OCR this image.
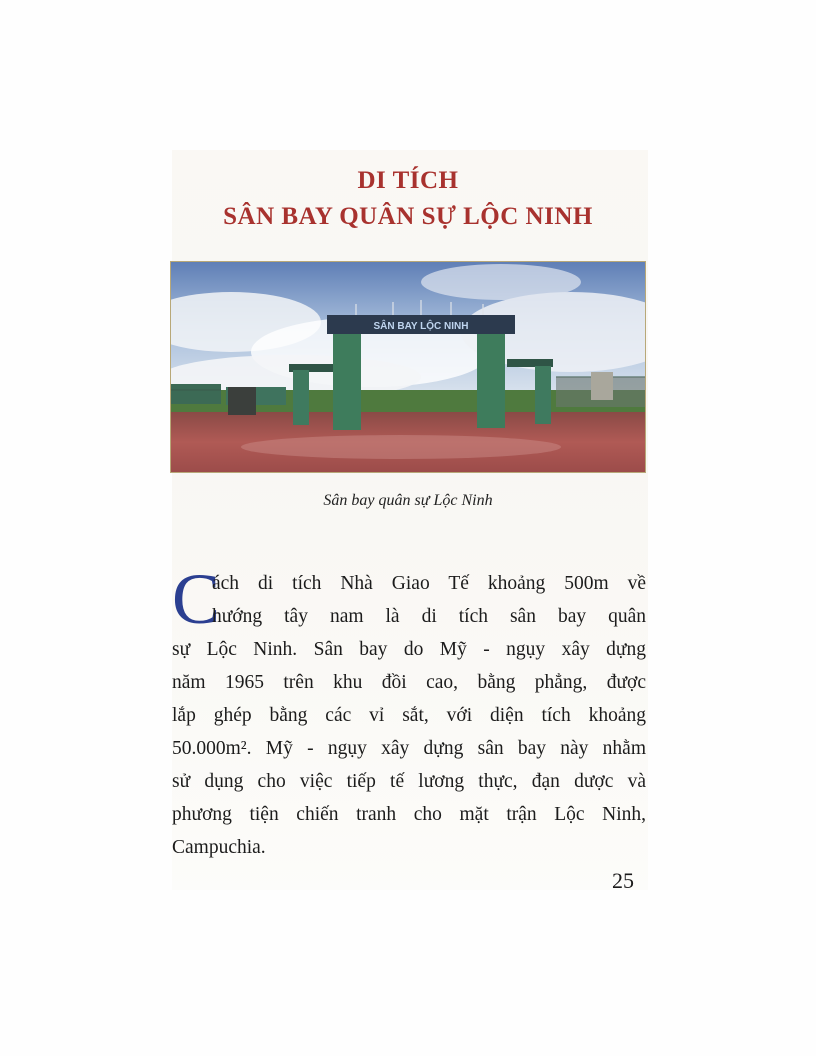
DI TÍCH
SÂN BAY QUÂN SỰ LỘC NINH
SÂN BAY LỘC NINH
Sân bay quân sự Lộc Ninh
C
ách di tích Nhà Giao Tế khoảng 500m về
hướng tây nam là di tích sân bay quân
sự Lộc Ninh. Sân bay do Mỹ - ngụy xây dựng
năm 1965 trên khu đồi cao, bằng phẳng, được
lắp ghép bằng các vỉ sắt, với diện tích khoảng
50.000m². Mỹ - ngụy xây dựng sân bay này nhằm
sử dụng cho việc tiếp tế lương thực, đạn dược và
phương tiện chiến tranh cho mặt trận Lộc Ninh,
Campuchia.
25
